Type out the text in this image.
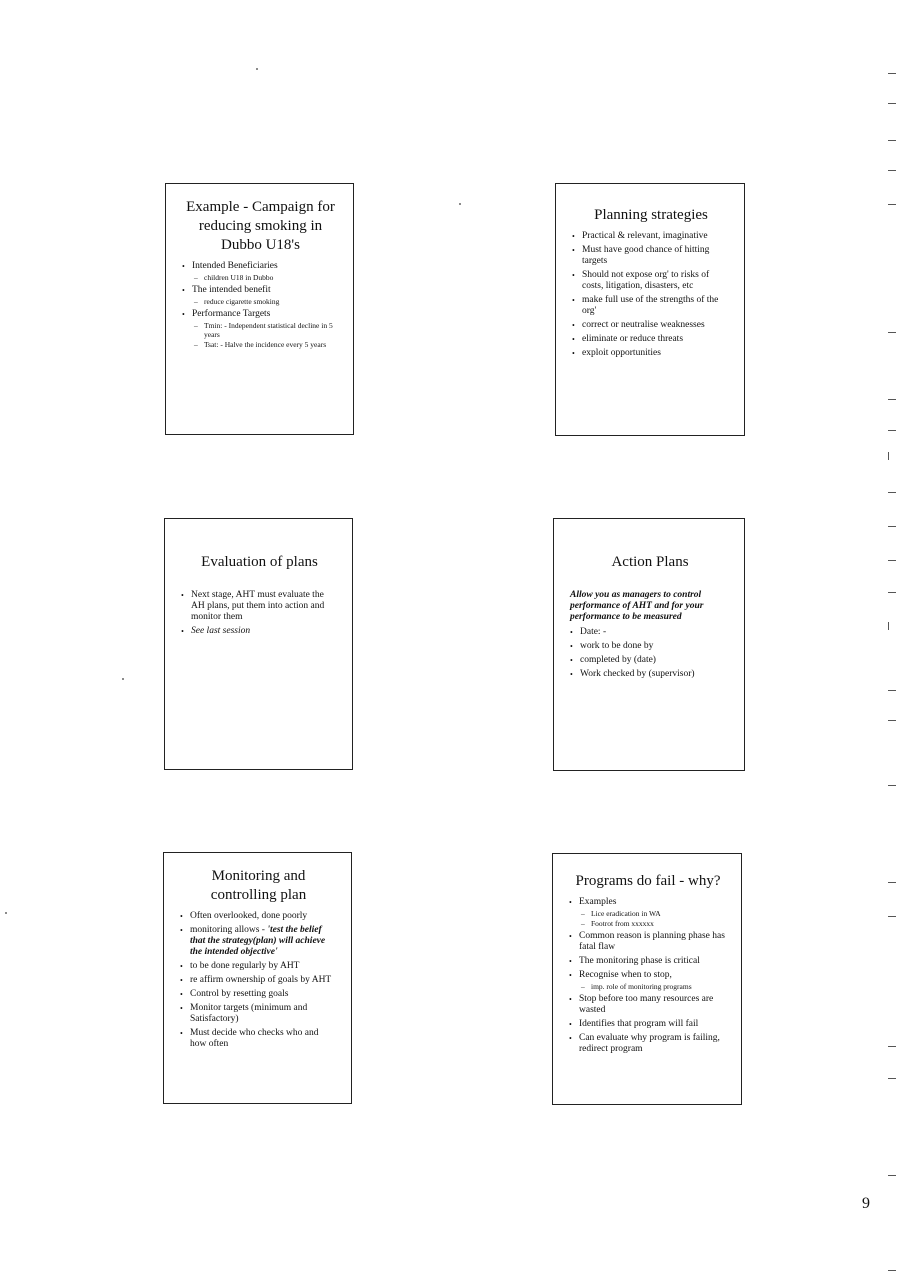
Example - Campaign for reducing smoking in Dubbo U18's
• Intended Beneficiaries
– children U18 in Dubbo
• The intended benefit
– reduce cigarette smoking
• Performance Targets
– Tmin: - Independent statistical decline in 5 years
– Tsat: - Halve the incidence every 5 years
Planning strategies
• Practical & relevant, imaginative
• Must have good chance of hitting targets
• Should not expose org' to risks of costs, litigation, disasters, etc
• make full use of the strengths of the org'
• correct or neutralise weaknesses
• eliminate or reduce threats
• exploit opportunities
Evaluation of plans
• Next stage, AHT must evaluate the AH plans, put them into action and monitor them
• See last session
Action Plans
Allow you as managers to control performance of AHT and for your performance to be measured
• Date: -
• work to be done by
• completed by (date)
• Work checked by (supervisor)
Monitoring and controlling plan
• Often overlooked, done poorly
• monitoring allows - 'test the belief that the strategy(plan) will achieve the intended objective'
• to be done regularly by AHT
• re affirm ownership of goals by AHT
• Control by resetting goals
• Monitor targets (minimum and Satisfactory)
• Must decide who checks who and how often
Programs do fail - why?
• Examples
– Lice eradication in WA
– Footrot from xxxxxx
• Common reason is planning phase has fatal flaw
• The monitoring phase is critical
• Recognise when to stop,
– imp. role of monitoring programs
• Stop before too many resources are wasted
• Identifies that program will fail
• Can evaluate why program is failing, redirect program
9
